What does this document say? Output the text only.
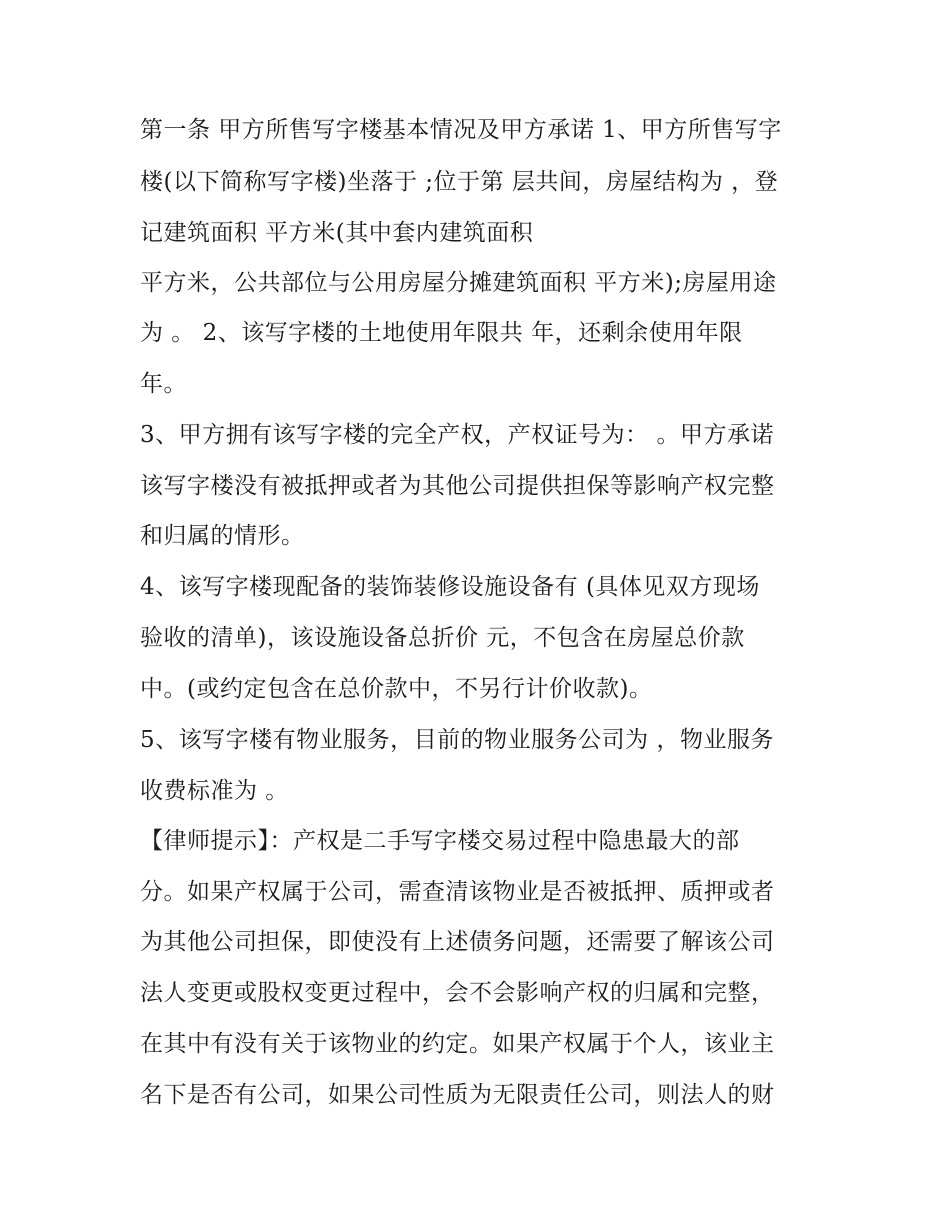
第一条 甲方所售写字楼基本情况及甲方承诺 1、甲方所售写字
楼(以下简称写字楼)坐落于 ;位于第 层共间，房屋结构为 ，登
记建筑面积 平方米(其中套内建筑面积
平方米，公共部位与公用房屋分摊建筑面积 平方米);房屋用途
为 。 2、该写字楼的土地使用年限共 年，还剩余使用年限
年。
3、甲方拥有该写字楼的完全产权，产权证号为： 。甲方承诺
该写字楼没有被抵押或者为其他公司提供担保等影响产权完整
和归属的情形。
4、该写字楼现配备的装饰装修设施设备有 (具体见双方现场
验收的清单)，该设施设备总折价 元，不包含在房屋总价款
中。(或约定包含在总价款中，不另行计价收款)。
5、该写字楼有物业服务，目前的物业服务公司为 ，物业服务
收费标准为 。
【律师提示】：产权是二手写字楼交易过程中隐患最大的部
分。如果产权属于公司，需查清该物业是否被抵押、质押或者
为其他公司担保，即使没有上述债务问题，还需要了解该公司
法人变更或股权变更过程中，会不会影响产权的归属和完整，
在其中有没有关于该物业的约定。如果产权属于个人，该业主
名下是否有公司，如果公司性质为无限责任公司，则法人的财
